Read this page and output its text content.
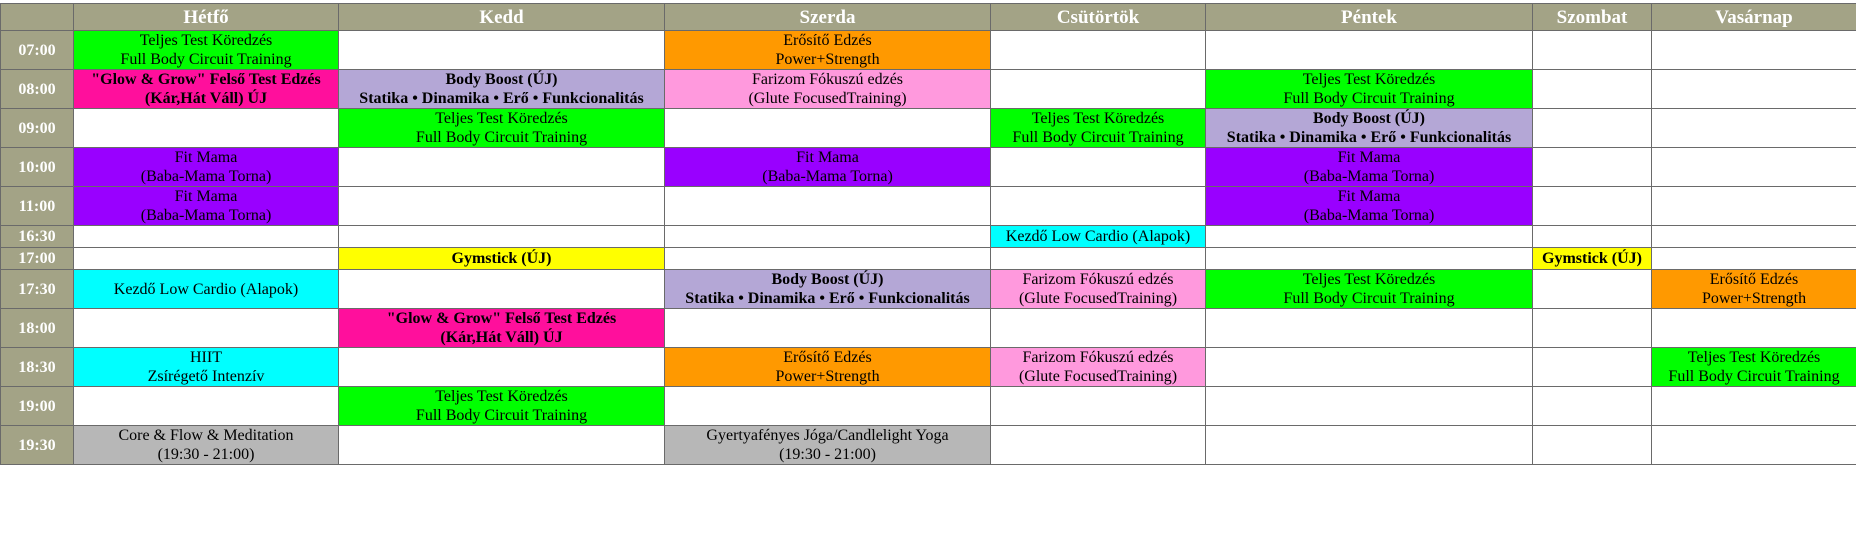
	Hétfő	Kedd	Szerda	Csütörtök	Péntek	Szombat	Vasárnap
07:00	Teljes Test Köredzés
Full Body Circuit Training		Erősítő Edzés
Power+Strength				

08:00	"Glow & Grow" Felső Test Edzés
(Kár,Hát Váll) ÚJ	Body Boost (ÚJ)
Statika • Dinamika • Erő • Funkcionalitás	Farizom Fókuszú edzés
(Glute FocusedTraining)		Teljes Test Köredzés
Full Body Circuit Training		

09:00		Teljes Test Köredzés
Full Body Circuit Training		Teljes Test Köredzés
Full Body Circuit Training	Body Boost (ÚJ)
Statika • Dinamika • Erő • Funkcionalitás		

10:00	Fit Mama
(Baba-Mama Torna)		Fit Mama
(Baba-Mama Torna)		Fit Mama
(Baba-Mama Torna)		

11:00	Fit Mama
(Baba-Mama Torna)				Fit Mama
(Baba-Mama Torna)		

16:30				Kezdő Low Cardio (Alapok)			

17:00		Gymstick (ÚJ)				Gymstick (ÚJ)	

17:30	Kezdő Low Cardio (Alapok)		Body Boost (ÚJ)
Statika • Dinamika • Erő • Funkcionalitás	Farizom Fókuszú edzés
(Glute FocusedTraining)	Teljes Test Köredzés
Full Body Circuit Training		Erősítő Edzés
Power+Strength

18:00		"Glow & Grow" Felső Test Edzés
(Kár,Hát Váll) ÚJ					

18:30	HIIT
Zsírégető Intenzív		Erősítő Edzés
Power+Strength	Farizom Fókuszú edzés
(Glute FocusedTraining)			Teljes Test Köredzés
Full Body Circuit Training

19:00		Teljes Test Köredzés
Full Body Circuit Training					

19:30	Core & Flow & Meditation
(19:30 - 21:00)		Gyertyafényes Jóga/Candlelight Yoga
(19:30 - 21:00)				
